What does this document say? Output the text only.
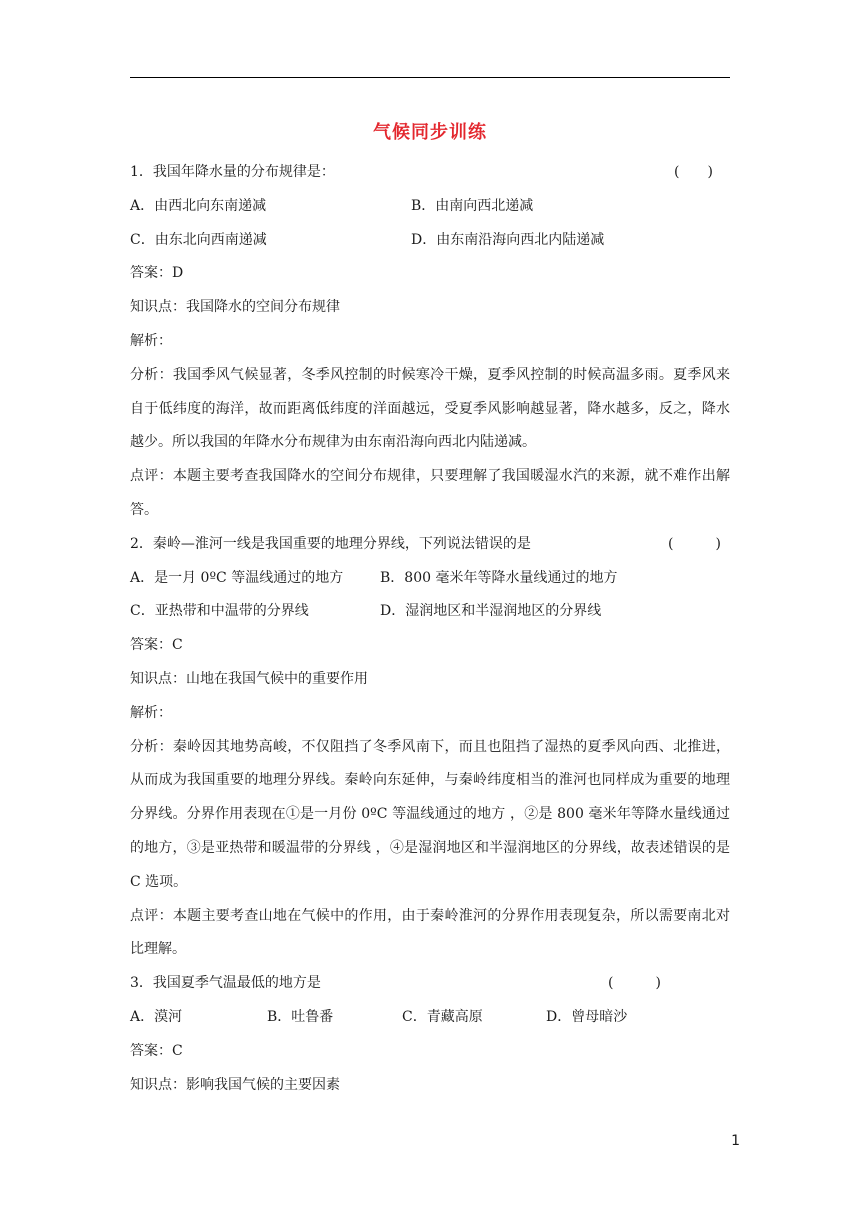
气候同步训练
1．我国年降水量的分布规律是：	(　　)
A．由西北向东南递减	B．由南向西北递减
C．由东北向西南递减	D．由东南沿海向西北内陆递减
答案：D
知识点：我国降水的空间分布规律
解析：
分析：我国季风气候显著，冬季风控制的时候寒冷干燥，夏季风控制的时候高温多雨。夏季风来自于低纬度的海洋，故而距离低纬度的洋面越远，受夏季风影响越显著，降水越多，反之，降水越少。所以我国的年降水分布规律为由东南沿海向西北内陆递减。
点评：本题主要考查我国降水的空间分布规律，只要理解了我国暖湿水汽的来源，就不难作出解答。
2．秦岭—淮河一线是我国重要的地理分界线，下列说法错误的是	(　　　)
A．是一月 0ºC 等温线通过的地方	B．800 毫米年等降水量线通过的地方
C．亚热带和中温带的分界线	D．湿润地区和半湿润地区的分界线
答案：C
知识点：山地在我国气候中的重要作用
解析：
分析：秦岭因其地势高峻，不仅阻挡了冬季风南下，而且也阻挡了湿热的夏季风向西、北推进，从而成为我国重要的地理分界线。秦岭向东延伸，与秦岭纬度相当的淮河也同样成为重要的地理分界线。分界作用表现在①是一月份 0ºC 等温线通过的地方 ，②是 800 毫米年等降水量线通过的地方，③是亚热带和暖温带的分界线 ，④是湿润地区和半湿润地区的分界线，故表述错误的是 C 选项。
点评：本题主要考查山地在气候中的作用，由于秦岭淮河的分界作用表现复杂，所以需要南北对比理解。
3．我国夏季气温最低的地方是	(　　　)
A．漠河	B．吐鲁番	C．青藏高原	D．曾母暗沙
答案：C
知识点：影响我国气候的主要因素
1
